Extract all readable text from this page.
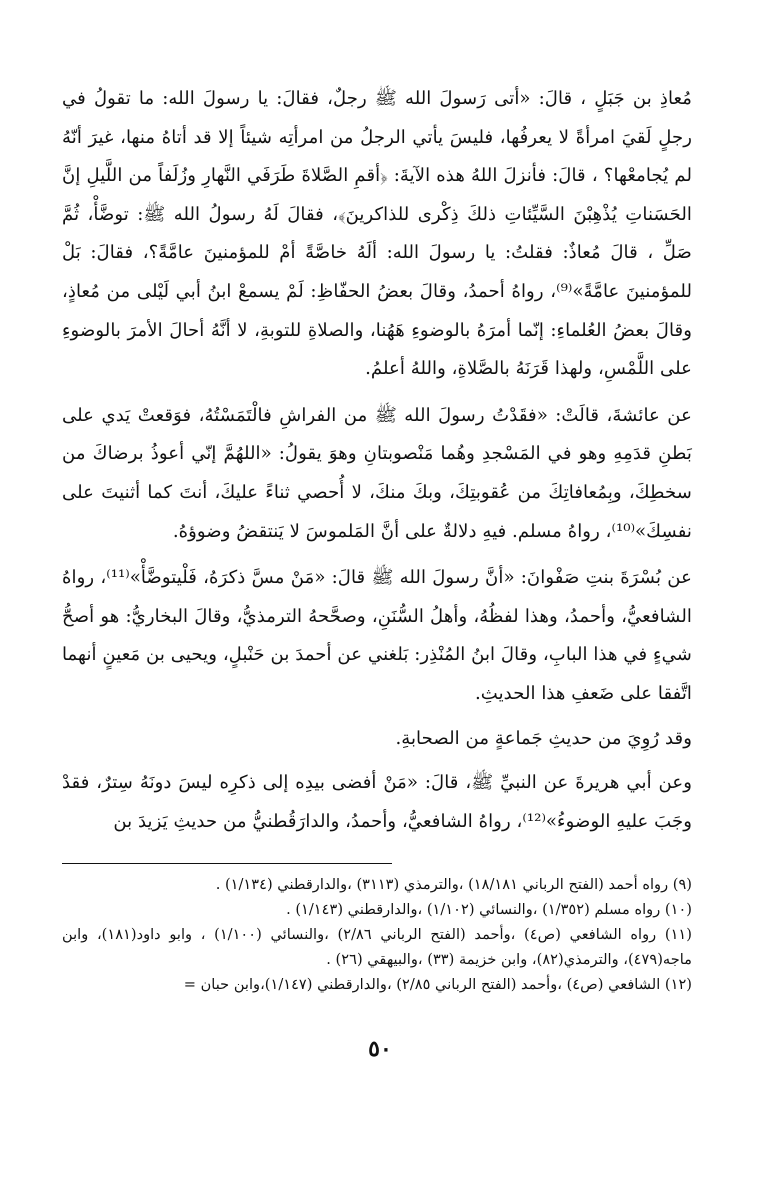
مُعاذِ بن جَبَلٍ ، قالَ: «أتى رَسولَ الله ﷺ رجلٌ، فقالَ: يا رسولَ الله: ما تقولُ في رجلٍ لَقيَ امرأةً لا يعرفُها، فليسَ يأتي الرجلُ من امرأتِه شيئاً إلا قد أتاهُ منها، غيرَ أنّهُ لم يُجامعْها؟ ، قالَ: فأنزلَ اللهُ هذه الآيةَ: ﴿أقمِ الصَّلاةَ طَرَفَي النَّهارِ وزُلَفاً من اللَّيلِ إنَّ الحَسَناتِ يُذْهِبْنَ السَّيِّئاتِ ذلكَ ذِكْرى للذاكرينَ﴾، فقالَ لَهُ رسولُ الله ﷺ: توضَّأْ، ثُمَّ صَلِّ ، قالَ مُعاذٌ: فقلتُ: يا رسولَ الله: ألَهُ خاصَّةً أمْ للمؤمنينَ عامَّةً؟، فقالَ: بَلْ للمؤمنينَ عامَّةً»⁽⁹⁾، رواهُ أحمدُ، وقالَ بعضُ الحفّاظِ: لَمْ يسمعْ ابنُ أبي لَيْلى من مُعاذٍ، وقالَ بعضُ العُلماءِ: إنّما أمرَهُ بالوضوءِ هَهُنا، والصلاةِ للتوبةِ، لا أنَّهُ أحالَ الأمرَ بالوضوءِ على اللَّمْسِ، ولهذا قَرَنَهُ بالصَّلاةِ، واللهُ أعلمُ.

عن عائشةَ، قالَتْ: «فقَدْتُ رسولَ الله ﷺ من الفراشِ فالْتَمَسْتُهُ، فوَقعتْ يَدي على بَطنِ قدَمِهِ وهو في المَسْجدِ وهُما مَنْصوبتانِ وهوَ يقولُ: «اللهُمَّ إنّي أعوذُ برضاكَ من سخطِكَ، وبِمُعافاتِكَ من عُقوبتِكَ، وبكَ منكَ، لا أُحصي ثناءً عليكَ، أنتَ كما أثنيتَ على نفسِكَ»⁽¹⁰⁾، رواهُ مسلم. فيهِ دلالةٌ على أنَّ المَلموسَ لا يَنتقضُ وضوؤهُ.

عن بُسْرَةَ بنتِ صَفْوانَ: «أنَّ رسولَ الله ﷺ قالَ: «مَنْ مسَّ ذكرَهُ، فَلْيتوضَّأْ»⁽¹¹⁾، رواهُ الشافعيُّ، وأحمدُ، وهذا لفظُهُ، وأهلُ السُّنَنِ، وصحَّحهُ الترمذيُّ، وقالَ البخاريُّ: هو أصحُّ شيءٍ في هذا البابِ، وقالَ ابنُ المُنْذِر: بَلغني عن أحمدَ بن حَنْبلٍ، ويحيى بن مَعينٍ أنهما اتَّفقا على ضَعفِ هذا الحديثِ.

وقد رُوِيَ من حديثِ جَماعةٍ من الصحابةِ.

وعن أبي هريرةَ عن النبيِّ ﷺ، قالَ: «مَنْ أفضى بيدِه إلى ذكرِه ليسَ دونَهُ سِترٌ، فقدْ وجَبَ عليهِ الوضوءُ»⁽¹²⁾، رواهُ الشافعيُّ، وأحمدُ، والدارَقُطنيُّ من حديثِ يَزيدَ بن

(٩) رواه أحمد (الفتح الرباني ١٨/١٨١) ،والترمذي (٣١١٣) ،والدارقطني (١/١٣٤) .

(١٠) رواه مسلم (١/٣٥٢) ،والنسائي (١/١٠٢) ،والدارقطني (١/١٤٣) .

(١١) رواه الشافعي (ص٤) ،وأحمد (الفتح الرباني ٢/٨٦) ،والنسائي (١/١٠٠) ، وابو داود(١٨١)، وابن ماجه(٤٧٩)، والترمذي(٨٢)، وابن خزيمة (٣٣) ،والبيهقي (٢٦) .

(١٢) الشافعي (ص٤) ،وأحمد (الفتح الرباني ٢/٨٥) ،والدارقطني (١/١٤٧)،وابن حبان =

٥٠
